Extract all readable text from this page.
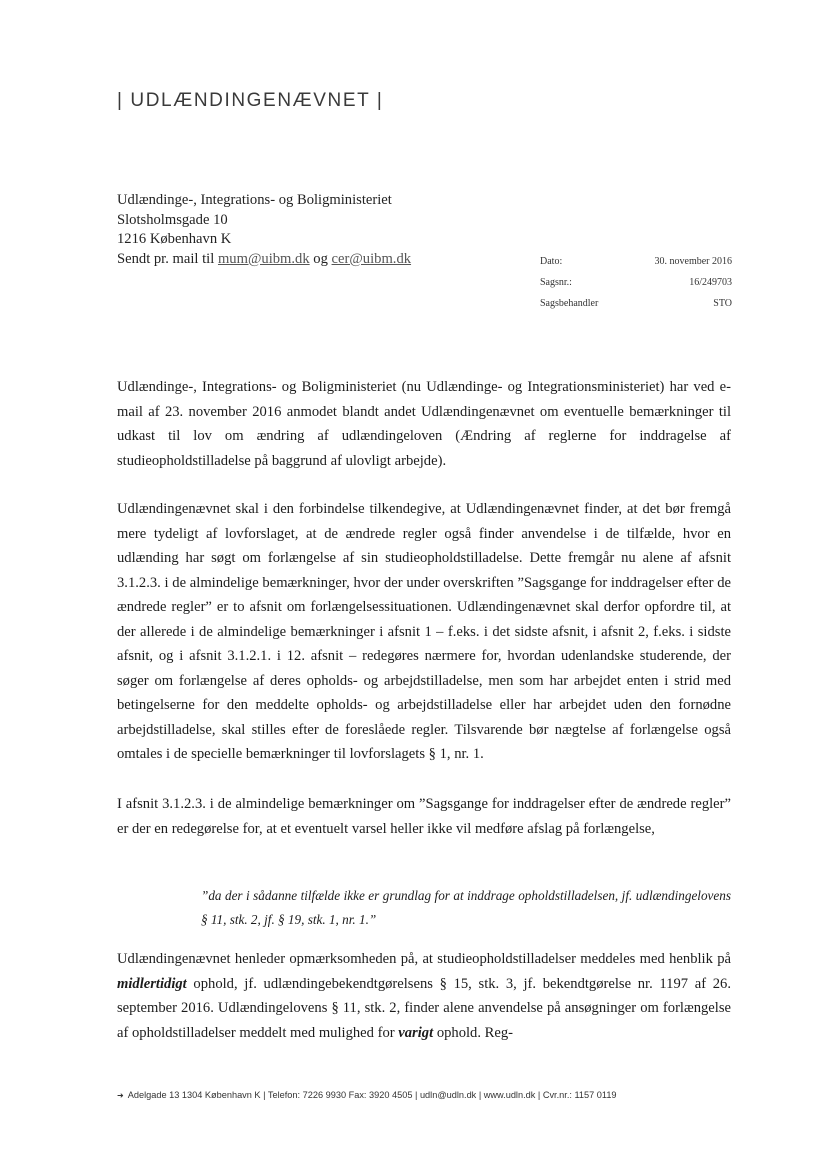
| UDLÆNDINGENÆVNET |
Udlændinge-, Integrations- og Boligministeriet
Slotsholmsgade 10
1216 København K
Sendt pr. mail til mum@uibm.dk og cer@uibm.dk	Dato:	30. november 2016
Sagsnr.:	16/249703
Sagsbehandler	STO

Udlændinge-, Integrations- og Boligministeriet (nu Udlændinge- og Integrationsministeriet) har ved e-mail af 23. november 2016 anmodet blandt andet Udlændingenævnet om eventuelle bemærkninger til udkast til lov om ændring af udlændingeloven (Ændring af reglerne for inddragelse af studieopholdstilladelse på baggrund af ulovligt arbejde).

Udlændingenævnet skal i den forbindelse tilkendegive, at Udlændingenævnet finder, at det bør fremgå mere tydeligt af lovforslaget, at de ændrede regler også finder anvendelse i de tilfælde, hvor en udlænding har søgt om forlængelse af sin studieopholdstilladelse. Dette fremgår nu alene af afsnit 3.1.2.3. i de almindelige bemærkninger, hvor der under overskriften ”Sagsgange for inddragelser efter de ændrede regler” er to afsnit om forlængelsessituationen. Udlændingenævnet skal derfor opfordre til, at der allerede i de almindelige bemærkninger i afsnit 1 – f.eks. i det sidste afsnit, i afsnit 2, f.eks. i sidste afsnit, og i afsnit 3.1.2.1. i 12. afsnit – redegøres nærmere for, hvordan udenlandske studerende, der søger om forlængelse af deres opholds- og arbejdstilladelse, men som har arbejdet enten i strid med betingelserne for den meddelte opholds- og arbejdstilladelse eller har arbejdet uden den fornødne arbejdstilladelse, skal stilles efter de foreslåede regler. Tilsvarende bør nægtelse af forlængelse også omtales i de specielle bemærkninger til lovforslagets § 1, nr. 1.

I afsnit 3.1.2.3. i de almindelige bemærkninger om ”Sagsgange for inddragelser efter de ændrede regler” er der en redegørelse for, at et eventuelt varsel heller ikke vil medføre afslag på forlængelse,

”da der i sådanne tilfælde ikke er grundlag for at inddrage opholdstilladelsen, jf. udlændingelovens § 11, stk. 2, jf. § 19, stk. 1, nr. 1.”

Udlændingenævnet henleder opmærksomheden på, at studieopholdstilladelser meddeles med henblik på midlertidigt ophold, jf. udlændingebekendtgørelsens § 15, stk. 3, jf. bekendtgørelse nr. 1197 af 26. september 2016. Udlændingelovens § 11, stk. 2, finder alene anvendelse på ansøgninger om forlængelse af opholdstilladelser meddelt med mulighed for varigt ophold. Reg-

➜ Adelgade 13 1304 København K | Telefon: 7226 9930 Fax: 3920 4505 | udln@udln.dk | www.udln.dk | Cvr.nr.: 1157 0119
